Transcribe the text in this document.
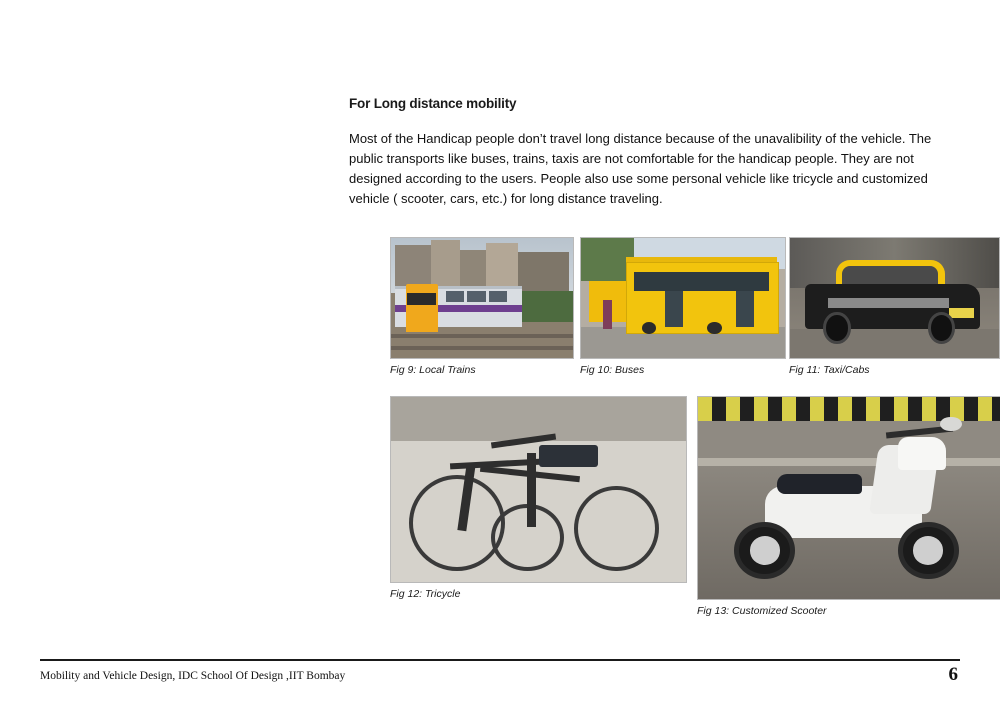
For Long distance mobility

Most of the Handicap people don’t travel long distance because of the unavalibility of the vehicle. The public transports like buses, trains, taxis are not comfortable for the handicap people. They are not designed according to the users. People also use some personal vehicle like tricycle and customized vehicle ( scooter, cars, etc.) for long distance traveling.

Fig 9: Local Trains	Fig 10: Buses	Fig 11: Taxi/Cabs
Fig 12: Tricycle
Fig 13: Customized Scooter
Mobility and Vehicle Design, IDC School Of Design ,IIT Bombay	6
